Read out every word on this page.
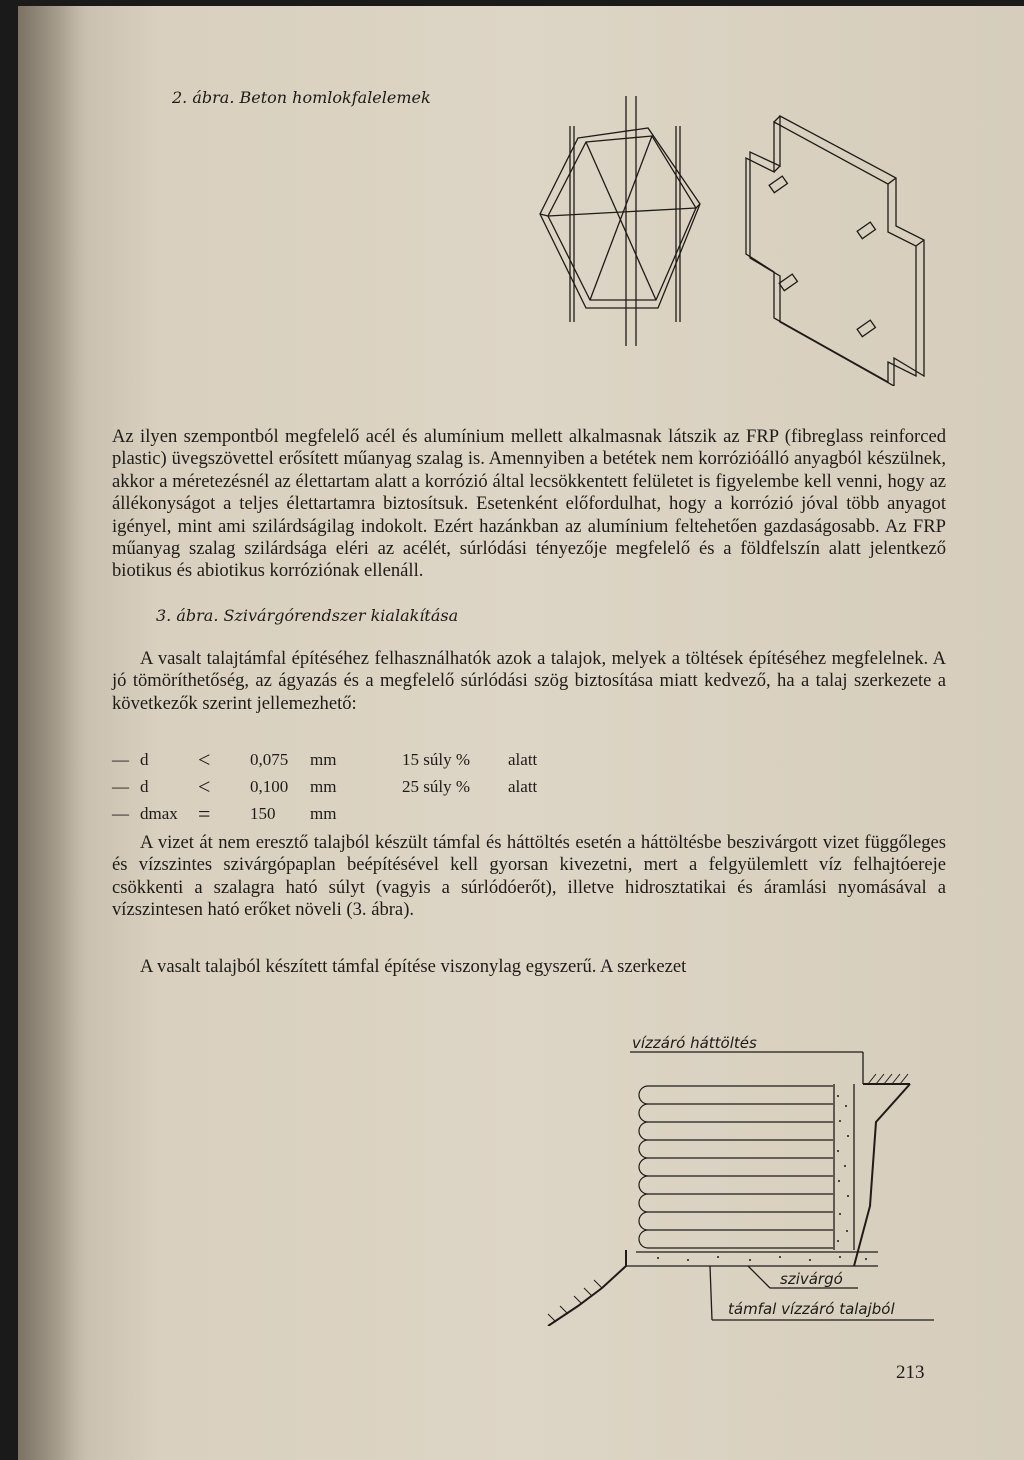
2. ábra. Beton homlokfalelemek

Az ilyen szempontból megfelelő acél és alumínium mellett alkalmasnak látszik az FRP (fibreglass reinforced plastic) üvegszövettel erősített műanyag szalag is. Amennyiben a betétek nem korrózióálló anyagból készülnek, akkor a méretezésnél az élettartam alatt a korrózió által lecsökkentett felületet is figyelembe kell venni, hogy az állékonyságot a teljes élettartamra biztosítsuk. Esetenként előfordulhat, hogy a korrózió jóval több anyagot igényel, mint ami szilárdságilag indokolt. Ezért hazánkban az alumínium feltehetően gazdaságosabb. Az FRP műanyag szalag szilárdsága eléri az acélét, súrlódási tényezője megfelelő és a földfelszín alatt jelentkező biotikus és abiotikus korróziónak ellenáll.

A vasalt talajtámfal építéséhez felhasználhatók azok a talajok, melyek a töltések építéséhez megfelelnek. A jó tömöríthetőség, az ágyazás és a megfelelő súrlódási szög biztosítása miatt kedvező, ha a talaj szerkezete a következők szerint jellemezhető:

— d < 0,075 mm	15 súly % alatt
— d < 0,100 mm	25 súly % alatt
— dmax = 150 mm

A vizet át nem eresztő talajból készült támfal és háttöltés esetén a háttöltésbe beszivárgott vizet függőleges és vízszintes szivárgópaplan beépítésével kell gyorsan kivezetni, mert a felgyülemlett víz felhajtóereje csökkenti a szalagra ható súlyt (vagyis a súrlódóerőt), illetve hidrosztatikai és áramlási nyomásával a vízszintesen ható erőket növeli (3. ábra).

A vasalt talajból készített támfal építése viszonylag egyszerű. A szerkezet

vízzáró háttöltés
szivárgó
támfal vízzáró talajból
3. ábra. Szivárgórendszer kialakítása
213
